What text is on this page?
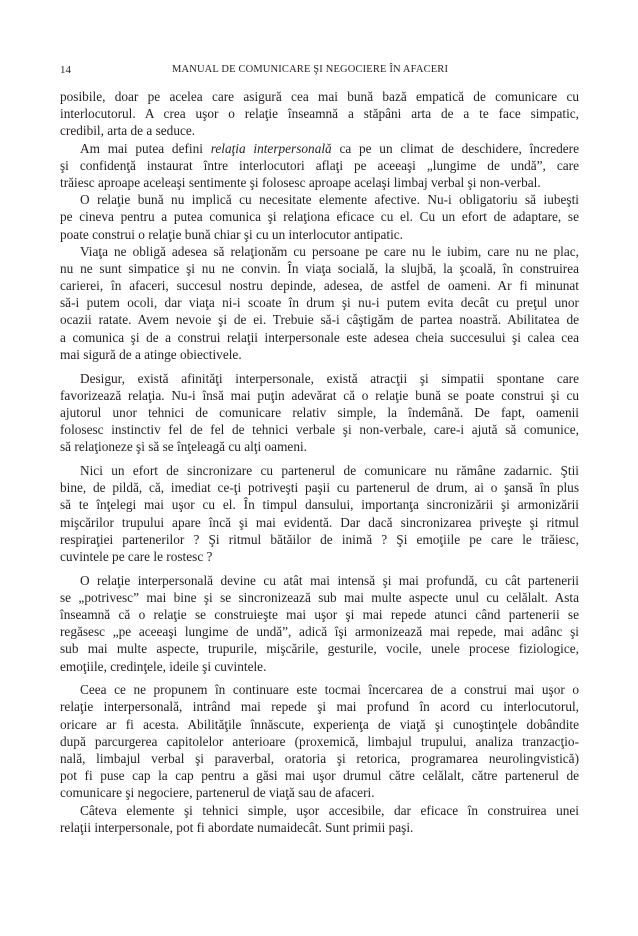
14	MANUAL DE COMUNICARE ŞI NEGOCIERE ÎN AFACERI
posibile, doar pe acelea care asigură cea mai bună bază empatică de comunicare cu
interlocutorul. A crea uşor o relaţie înseamnă a stăpâni arta de a te face simpatic,
credibil, arta de a seduce.
Am mai putea defini relaţia interpersonală ca pe un climat de deschidere, încredere
şi confidenţă instaurat între interlocutori aflaţi pe aceeaşi „lungime de undă”, care
trăiesc aproape aceleaşi sentimente şi folosesc aproape acelaşi limbaj verbal şi non-verbal.
O relaţie bună nu implică cu necesitate elemente afective. Nu-i obligatoriu să iubeşti
pe cineva pentru a putea comunica şi relaţiona eficace cu el. Cu un efort de adaptare, se
poate construi o relaţie bună chiar şi cu un interlocutor antipatic.
Viaţa ne obligă adesea să relaţionăm cu persoane pe care nu le iubim, care nu ne plac,
nu ne sunt simpatice şi nu ne convin. În viaţa socială, la slujbă, la şcoală, în construirea
carierei, în afaceri, succesul nostru depinde, adesea, de astfel de oameni. Ar fi minunat
să-i putem ocoli, dar viaţa ni-i scoate în drum şi nu-i putem evita decât cu preţul unor
ocazii ratate. Avem nevoie şi de ei. Trebuie să-i câştigăm de partea noastră. Abilitatea de
a comunica şi de a construi relaţii interpersonale este adesea cheia succesului şi calea cea
mai sigură de a atinge obiectivele.
Desigur, există afinităţi interpersonale, există atracţii şi simpatii spontane care
favorizează relaţia. Nu-i însă mai puţin adevărat că o relaţie bună se poate construi şi cu
ajutorul unor tehnici de comunicare relativ simple, la îndemână. De fapt, oamenii
folosesc instinctiv fel de fel de tehnici verbale şi non-verbale, care-i ajută să comunice,
să relaţioneze şi să se înţeleagă cu alţi oameni.
Nici un efort de sincronizare cu partenerul de comunicare nu rămâne zadarnic. Ştii
bine, de pildă, că, imediat ce-ţi potriveşti paşii cu partenerul de drum, ai o şansă în plus
să te înţelegi mai uşor cu el. În timpul dansului, importanţa sincronizării şi armonizării
mişcărilor trupului apare încă şi mai evidentă. Dar dacă sincronizarea priveşte şi ritmul
respiraţiei partenerilor ? Şi ritmul bătăilor de inimă ? Şi emoţiile pe care le trăiesc,
cuvintele pe care le rostesc ?
O relaţie interpersonală devine cu atât mai intensă şi mai profundă, cu cât partenerii
se „potrivesc” mai bine şi se sincronizează sub mai multe aspecte unul cu celălalt. Asta
înseamnă că o relaţie se construieşte mai uşor şi mai repede atunci când partenerii se
regăsesc „pe aceeaşi lungime de undă”, adică îşi armonizează mai repede, mai adânc şi
sub mai multe aspecte, trupurile, mişcările, gesturile, vocile, unele procese fiziologice,
emoţiile, credinţele, ideile şi cuvintele.
Ceea ce ne propunem în continuare este tocmai încercarea de a construi mai uşor o
relaţie interpersonală, intrând mai repede şi mai profund în acord cu interlocutorul,
oricare ar fi acesta. Abilităţile înnăscute, experienţa de viaţă şi cunoştinţele dobândite
după parcurgerea capitolelor anterioare (proxemică, limbajul trupului, analiza tranzacţio-
nală, limbajul verbal şi paraverbal, oratoria şi retorica, programarea neurolingvistică)
pot fi puse cap la cap pentru a găsi mai uşor drumul către celălalt, către partenerul de
comunicare şi negociere, partenerul de viaţă sau de afaceri.
Câteva elemente şi tehnici simple, uşor accesibile, dar eficace în construirea unei
relaţii interpersonale, pot fi abordate numaidecât. Sunt primii paşi.
